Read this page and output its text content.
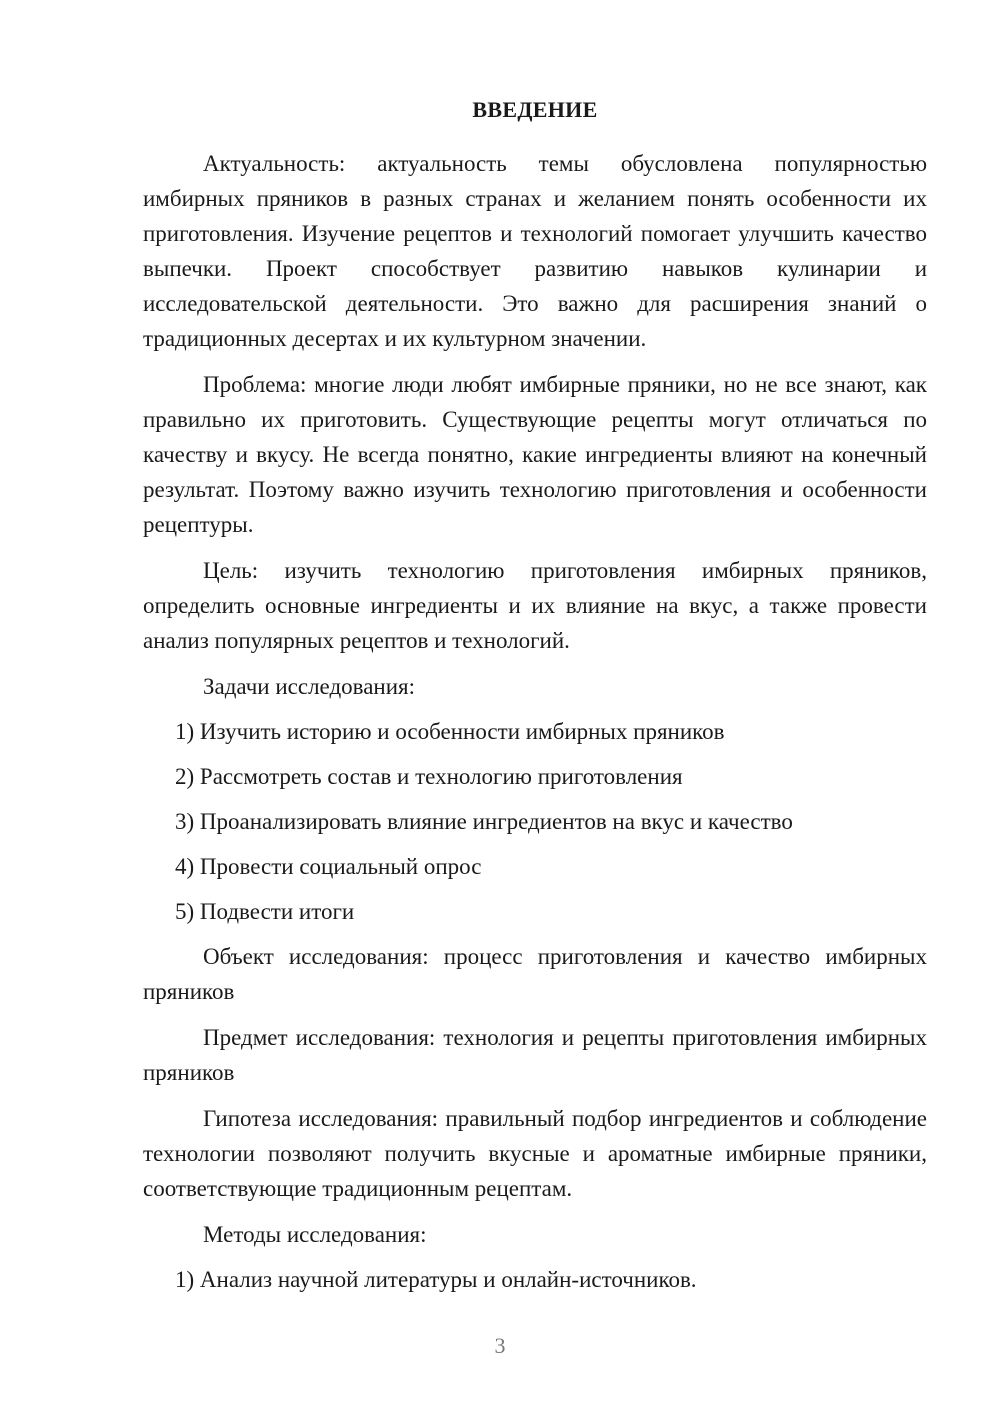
ВВЕДЕНИЕ

Актуальность: актуальность темы обусловлена популярностью имбирных пряников в разных странах и желанием понять особенности их приготовления. Изучение рецептов и технологий помогает улучшить качество выпечки. Проект способствует развитию навыков кулинарии и исследовательской деятельности. Это важно для расширения знаний о традиционных десертах и их культурном значении.

Проблема: многие люди любят имбирные пряники, но не все знают, как правильно их приготовить. Существующие рецепты могут отличаться по качеству и вкусу. Не всегда понятно, какие ингредиенты влияют на конечный результат. Поэтому важно изучить технологию приготовления и особенности рецептуры.

Цель: изучить технологию приготовления имбирных пряников, определить основные ингредиенты и их влияние на вкус, а также провести анализ популярных рецептов и технологий.

Задачи исследования:

1) Изучить историю и особенности имбирных пряников

2) Рассмотреть состав и технологию приготовления

3) Проанализировать влияние ингредиентов на вкус и качество

4) Провести социальный опрос

5) Подвести итоги

Объект исследования: процесс приготовления и качество имбирных пряников

Предмет исследования: технология и рецепты приготовления имбирных пряников

Гипотеза исследования: правильный подбор ингредиентов и соблюдение технологии позволяют получить вкусные и ароматные имбирные пряники, соответствующие традиционным рецептам.

Методы исследования:

1) Анализ научной литературы и онлайн-источников.

3
